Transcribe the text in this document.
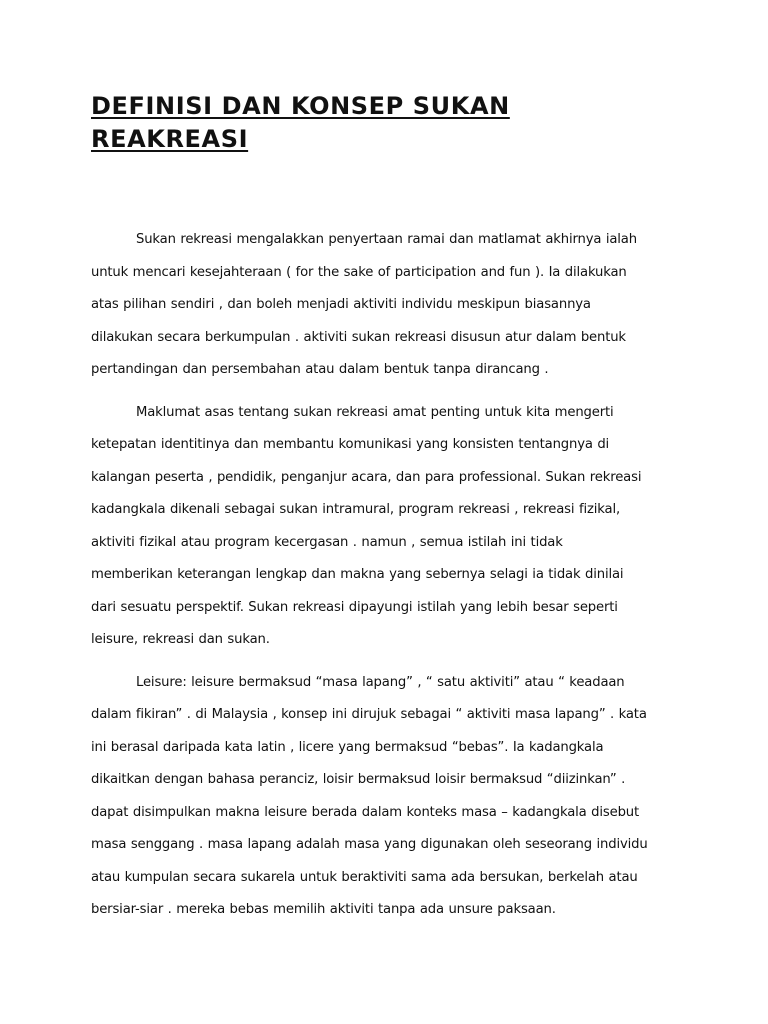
DEFINISI DAN KONSEP SUKAN
REAKREASI

Sukan rekreasi mengalakkan penyertaan ramai dan matlamat akhirnya ialah
untuk mencari kesejahteraan ( for the sake of participation and fun ). Ia dilakukan
atas pilihan sendiri , dan boleh menjadi aktiviti individu meskipun biasannya
dilakukan secara berkumpulan . aktiviti sukan rekreasi disusun atur dalam bentuk
pertandingan dan persembahan atau dalam bentuk tanpa dirancang .

Maklumat asas tentang sukan rekreasi amat penting untuk kita mengerti
ketepatan identitinya dan membantu komunikasi yang konsisten tentangnya di
kalangan peserta , pendidik, penganjur acara, dan para professional. Sukan rekreasi
kadangkala dikenali sebagai sukan intramural, program rekreasi , rekreasi fizikal,
aktiviti fizikal atau program kecergasan . namun , semua istilah ini tidak
memberikan keterangan lengkap dan makna yang sebernya selagi ia tidak dinilai
dari sesuatu perspektif. Sukan rekreasi dipayungi istilah yang lebih besar seperti
leisure, rekreasi dan sukan.

Leisure: leisure bermaksud “masa lapang” , “ satu aktiviti” atau “ keadaan
dalam fikiran” . di Malaysia , konsep ini dirujuk sebagai “ aktiviti masa lapang” . kata
ini berasal daripada kata latin , licere yang bermaksud “bebas”. Ia kadangkala
dikaitkan dengan bahasa peranciz, loisir bermaksud loisir bermaksud “diizinkan” .
dapat disimpulkan makna leisure berada dalam konteks masa – kadangkala disebut
masa senggang . masa lapang adalah masa yang digunakan oleh seseorang individu
atau kumpulan secara sukarela untuk beraktiviti sama ada bersukan, berkelah atau
bersiar-siar . mereka bebas memilih aktiviti tanpa ada unsure paksaan.
